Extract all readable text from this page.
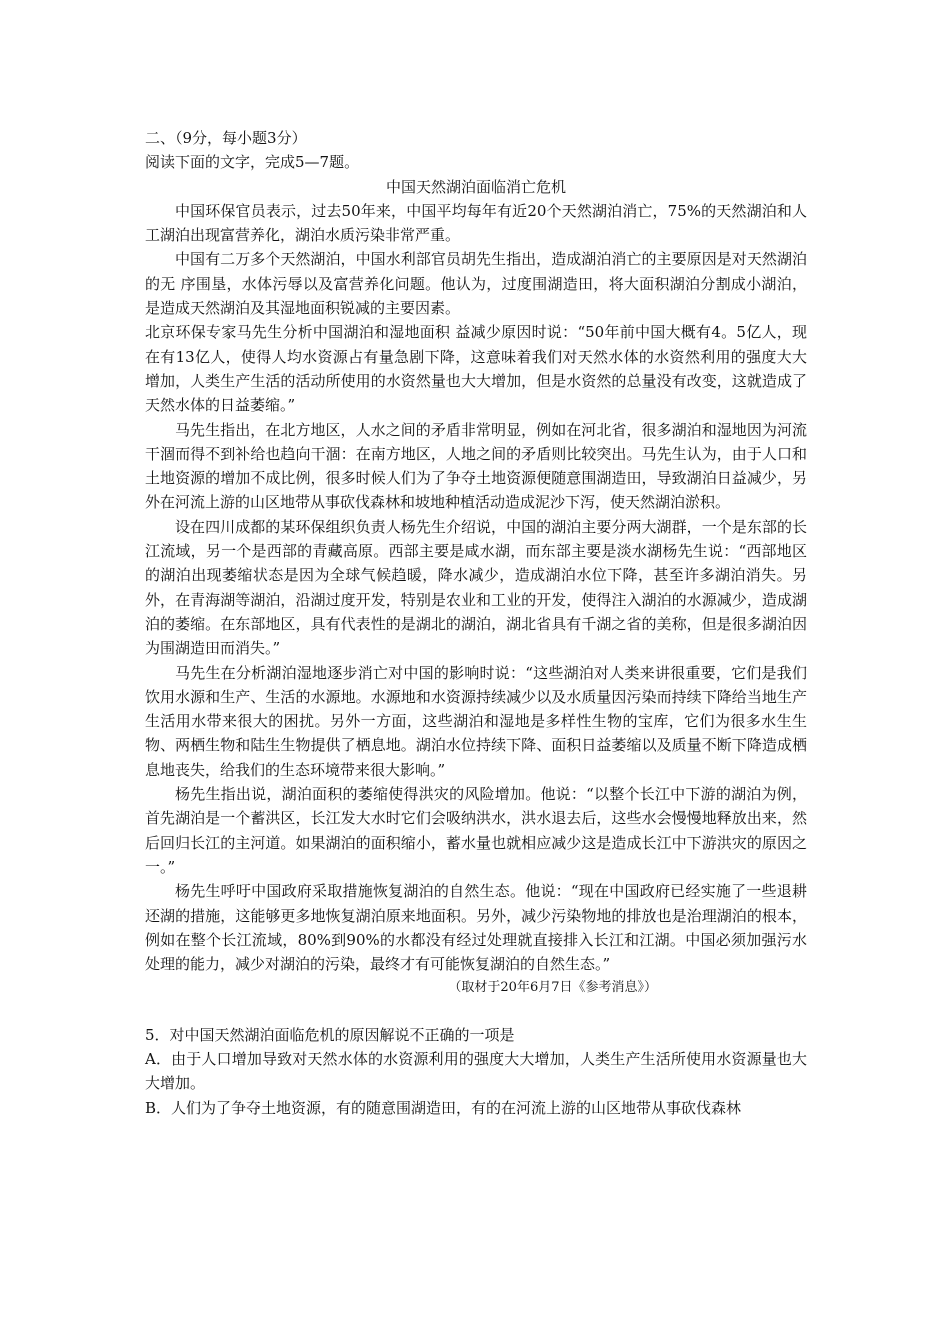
二、（9分，每小题3分）

阅读下面的文字，完成5—7题。

中国天然湖泊面临消亡危机

中国环保官员表示，过去50年来，中国平均每年有近20个天然湖泊消亡，75%的天然湖泊和人工湖泊出现富营养化，湖泊水质污染非常严重。

中国有二万多个天然湖泊，中国水利部官员胡先生指出，造成湖泊消亡的主要原因是对天然湖泊的无 序围垦，水体污辱以及富营养化问题。他认为，过度围湖造田，将大面积湖泊分割成小湖泊，是造成天然湖泊及其湿地面积锐减的主要因素。

北京环保专家马先生分析中国湖泊和湿地面积 益减少原因时说：“50年前中国大概有4。5亿人，现在有13亿人，使得人均水资源占有量急剧下降，这意味着我们对天然水体的水资然利用的强度大大增加，人类生产生活的活动所使用的水资然量也大大增加，但是水资然的总量没有改变，这就造成了天然水体的日益萎缩。”

马先生指出，在北方地区，人水之间的矛盾非常明显，例如在河北省，很多湖泊和湿地因为河流干涸而得不到补给也趋向干涸：在南方地区，人地之间的矛盾则比较突出。马先生认为，由于人口和土地资源的增加不成比例，很多时候人们为了争夺土地资源便随意围湖造田，导致湖泊日益减少，另外在河流上游的山区地带从事砍伐森林和坡地种植活动造成泥沙下泻，使天然湖泊淤积。

设在四川成都的某环保组织负责人杨先生介绍说，中国的湖泊主要分两大湖群，一个是东部的长江流域，另一个是西部的青藏高原。西部主要是咸水湖，而东部主要是淡水湖杨先生说：“西部地区的湖泊出现萎缩状态是因为全球气候趋暖，降水减少，造成湖泊水位下降，甚至许多湖泊消失。另外，在青海湖等湖泊，沿湖过度开发，特别是农业和工业的开发，使得注入湖泊的水源减少，造成湖泊的萎缩。在东部地区，具有代表性的是湖北的湖泊，湖北省具有千湖之省的美称，但是很多湖泊因为围湖造田而消失。”

马先生在分析湖泊湿地逐步消亡对中国的影响时说：“这些湖泊对人类来讲很重要，它们是我们饮用水源和生产、生活的水源地。水源地和水资源持续减少以及水质量因污染而持续下降给当地生产生活用水带来很大的困扰。另外一方面，这些湖泊和湿地是多样性生物的宝库，它们为很多水生生物、两栖生物和陆生生物提供了栖息地。湖泊水位持续下降、面积日益萎缩以及质量不断下降造成栖息地丧失，给我们的生态环境带来很大影响。”

杨先生指出说，湖泊面积的萎缩使得洪灾的风险增加。他说：“以整个长江中下游的湖泊为例，首先湖泊是一个蓄洪区，长江发大水时它们会吸纳洪水，洪水退去后，这些水会慢慢地释放出来，然后回归长江的主河道。如果湖泊的面积缩小，蓄水量也就相应减少这是造成长江中下游洪灾的原因之一。”

杨先生呼吁中国政府采取措施恢复湖泊的自然生态。他说：“现在中国政府已经实施了一些退耕还湖的措施，这能够更多地恢复湖泊原来地面积。另外，减少污染物地的排放也是治理湖泊的根本，例如在整个长江流域，80%到90%的水都没有经过处理就直接排入长江和江湖。中国必须加强污水处理的能力，减少对湖泊的污染，最终才有可能恢复湖泊的自然生态。”

（取材于20年6月7日《参考消息》）

5．对中国天然湖泊面临危机的原因解说不正确的一项是

A．由于人口增加导致对天然水体的水资源利用的强度大大增加，人类生产生活所使用水资源量也大大增加。

B．人们为了争夺土地资源，有的随意围湖造田，有的在河流上游的山区地带从事砍伐森林
